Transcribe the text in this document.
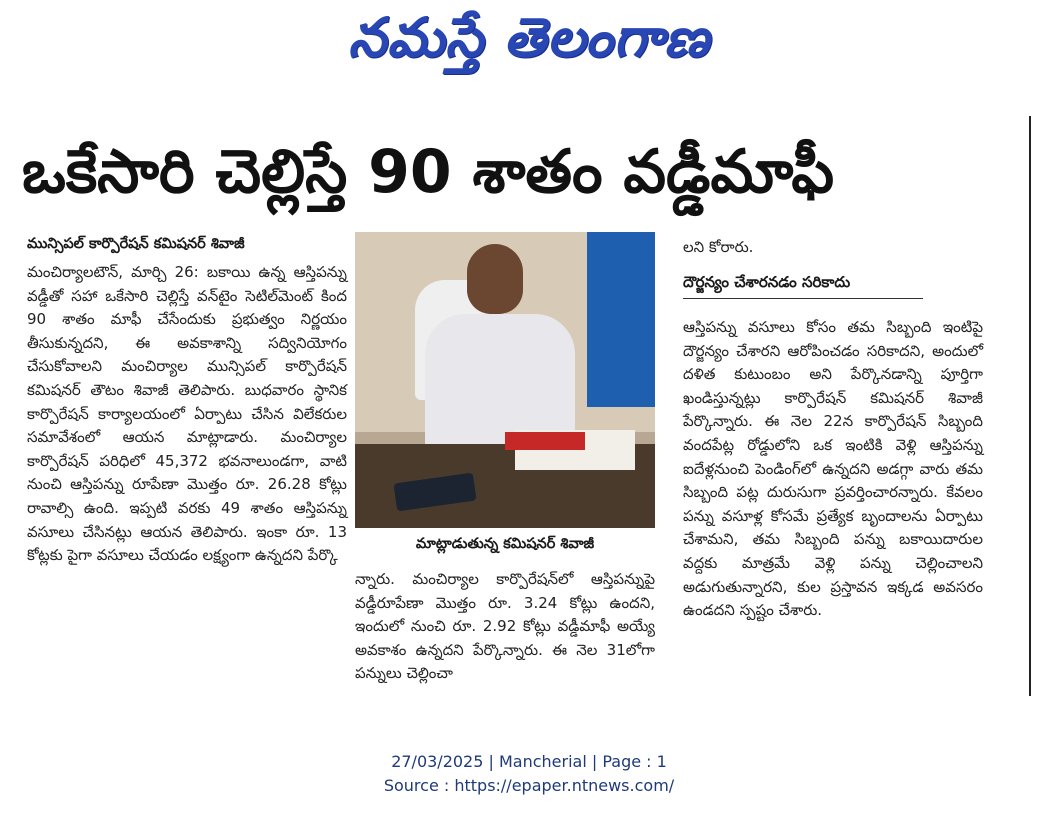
నమస్తే తెలంగాణ
ఒకేసారి చెల్లిస్తే 90 శాతం వడ్డీమాఫీ
మున్సిపల్ కార్పొరేషన్ కమిషనర్ శివాజీ

మంచిర్యాలటౌన్, మార్చి 26: బకాయి ఉన్న ఆస్తిపన్ను వడ్డీతో సహా ఒకేసారి చెల్లిస్తే వన్‌టైం సెటిల్‌మెంట్ కింద 90 శాతం మాఫీ చేసేందుకు ప్రభుత్వం నిర్ణయం తీసుకున్నదని, ఈ అవకాశాన్ని సద్వినియోగం చేసుకోవాలని మంచిర్యాల మున్సిపల్ కార్పొరేషన్ కమిషనర్ తౌటం శివాజీ తెలిపారు. బుధవారం స్థానిక కార్పొరేషన్ కార్యాలయంలో ఏర్పాటు చేసిన విలేకరుల సమావేశంలో ఆయన మాట్లాడారు. మంచిర్యాల కార్పొరేషన్ పరిధిలో 45,372 భవనాలుండగా, వాటి నుంచి ఆస్తిపన్ను రూపేణా మొత్తం రూ. 26.28 కోట్లు రావాల్సి ఉంది. ఇప్పటి వరకు 49 శాతం ఆస్తిపన్ను వసూలు చేసినట్లు ఆయన తెలిపారు. ఇంకా రూ. 13 కోట్లకు పైగా వసూలు చేయడం లక్ష్యంగా ఉన్నదని పేర్కొ

మాట్లాడుతున్న కమిషనర్ శివాజీ

న్నారు. మంచిర్యాల కార్పొరేషన్‌లో ఆస్తిపన్నుపై వడ్డీరూపేణా మొత్తం రూ. 3.24 కోట్లు ఉందని, ఇందులో నుంచి రూ. 2.92 కోట్లు వడ్డీమాఫీ అయ్యే అవకాశం ఉన్నదని పేర్కొన్నారు. ఈ నెల 31లోగా పన్నులు చెల్లించా

లని కోరారు.

దౌర్జన్యం చేశారనడం సరికాదు

ఆస్తిపన్ను వసూలు కోసం తమ సిబ్బంది ఇంటిపై దౌర్జన్యం చేశారని ఆరోపించడం సరికాదని, అందులో దళిత కుటుంబం అని పేర్కొనడాన్ని పూర్తిగా ఖండిస్తున్నట్లు కార్పొరేషన్ కమిషనర్ శివాజీ పేర్కొన్నారు. ఈ నెల 22న కార్పొరేషన్ సిబ్బంది వందపేట్ల రోడ్డులోని ఒక ఇంటికి వెళ్లి ఆస్తిపన్ను ఐదేళ్లనుంచి పెండింగ్‌లో ఉన్నదని అడగ్గా వారు తమ సిబ్బంది పట్ల దురుసుగా ప్రవర్తించారన్నారు. కేవలం పన్ను వసూళ్ల కోసమే ప్రత్యేక బృందాలను ఏర్పాటు చేశామని, తమ సిబ్బంది పన్ను బకాయిదారుల వద్దకు మాత్రమే వెళ్లి పన్ను చెల్లించాలని అడుగుతున్నారని, కుల ప్రస్తావన ఇక్కడ అవసరం ఉండదని స్పష్టం చేశారు.

27/03/2025 | Mancherial | Page : 1
Source : https://epaper.ntnews.com/
